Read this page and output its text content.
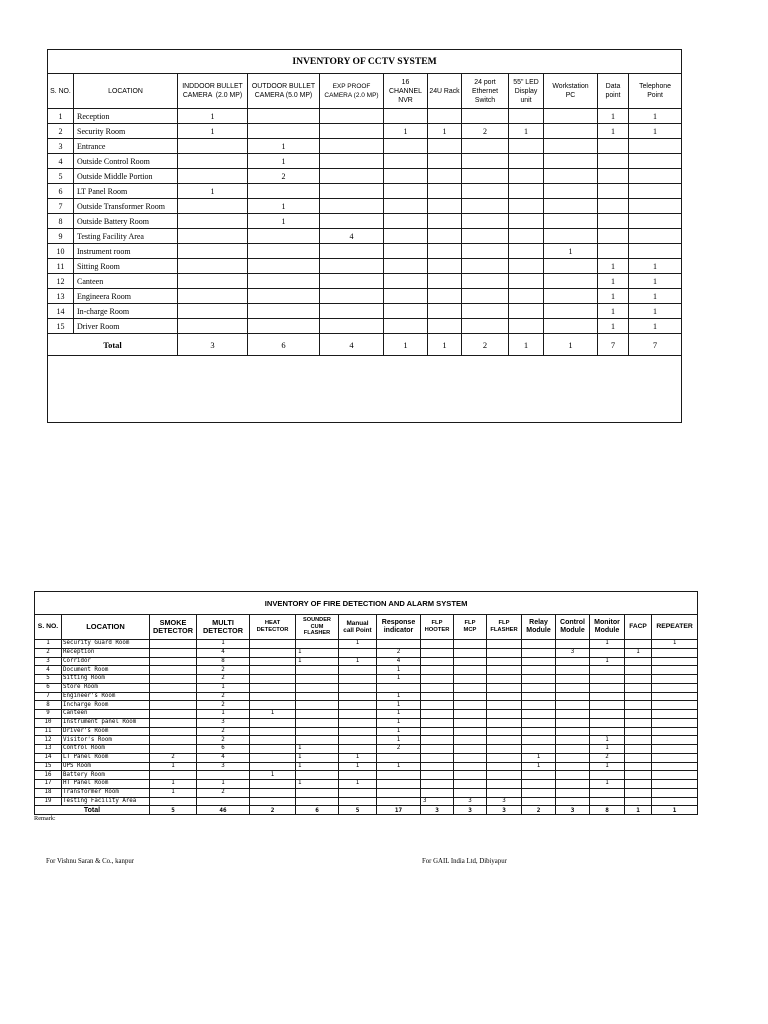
INVENTORY OF CCTV SYSTEM											
S. NO.	LOCATION	INDDOOR BULLET
CAMERA  (2.0 MP)	OUTDOOR BULLET
CAMERA (5.0 MP)	EXP PROOF
CAMERA (2.0 MP)	16
CHANNEL
NVR	24U Rack	24 port
Ethernet
Switch	55" LED
Display
unit	Workstation
PC	Data
point	Telephone
Point
1	Reception	1								1	1
2	Security Room	1			1	1	2	1		1	1
3	Entrance		1								
4	Outside Control Room		1								
5	Outside Middle Portion		2								
6	LT Panel Room	1									
7	Outside Transformer Room		1								
8	Outside Battery Room		1								
9	Testing Facility Area			4							
10	Instrument room								1		
11	Sitting Room									1	1
12	Canteen									1	1
13	Engineera Room									1	1
14	In-charge Room									1	1
15	Driver Room									1	1
Total		3	6	4	1	1	2	1	1	7	7

INVENTORY OF FIRE DETECTION AND ALARM SYSTEM															
S. NO.	LOCATION	SMOKE
DETECTOR	MULTI
DETECTOR	HEAT
DETECTOR	SOUNDER
CUM
FLASHER	Manual
call Point	Response
indicator	FLP
HOOTER	FLP
MCP	FLP
FLASHER	Relay
Module	Control
Module	Monitor
Module	FACP	REPEATER
1	Security Guard Room		1			1							1		1
2	Reception		4		1		2					3		1	
3	Corridor		8		1	1	4						1		
4	Document Room		2				1								
5	Sitting Room		2				1								
6	Store Room		1												
7	Engineer's Room		2				1								
8	Incharge Room		2				1								
9	Canteen		1	1			1								
10	Instrument panel Room		3				1								
11	Driver's Room		2				1								
12	Visitor's Room		2				1						1		
13	Control Room		6		1		2						1		
14	LT Panel Room	2	4		1	1					1		2		
15	UPS Room	1	3		1	1	1				1		1		
16	Battery Room			1											
17	HT Panel Room	1	1		1	1							1		
18	Transformer Room	1	2												
19	Testing Facility Area							3	3	3					
Total		5	46	2	6	5	17	3	3	3	2	3	8	1	1
Remark:
For Vishnu Saran & Co., kanpur	For GAIL India Ltd, Dibiyapur
